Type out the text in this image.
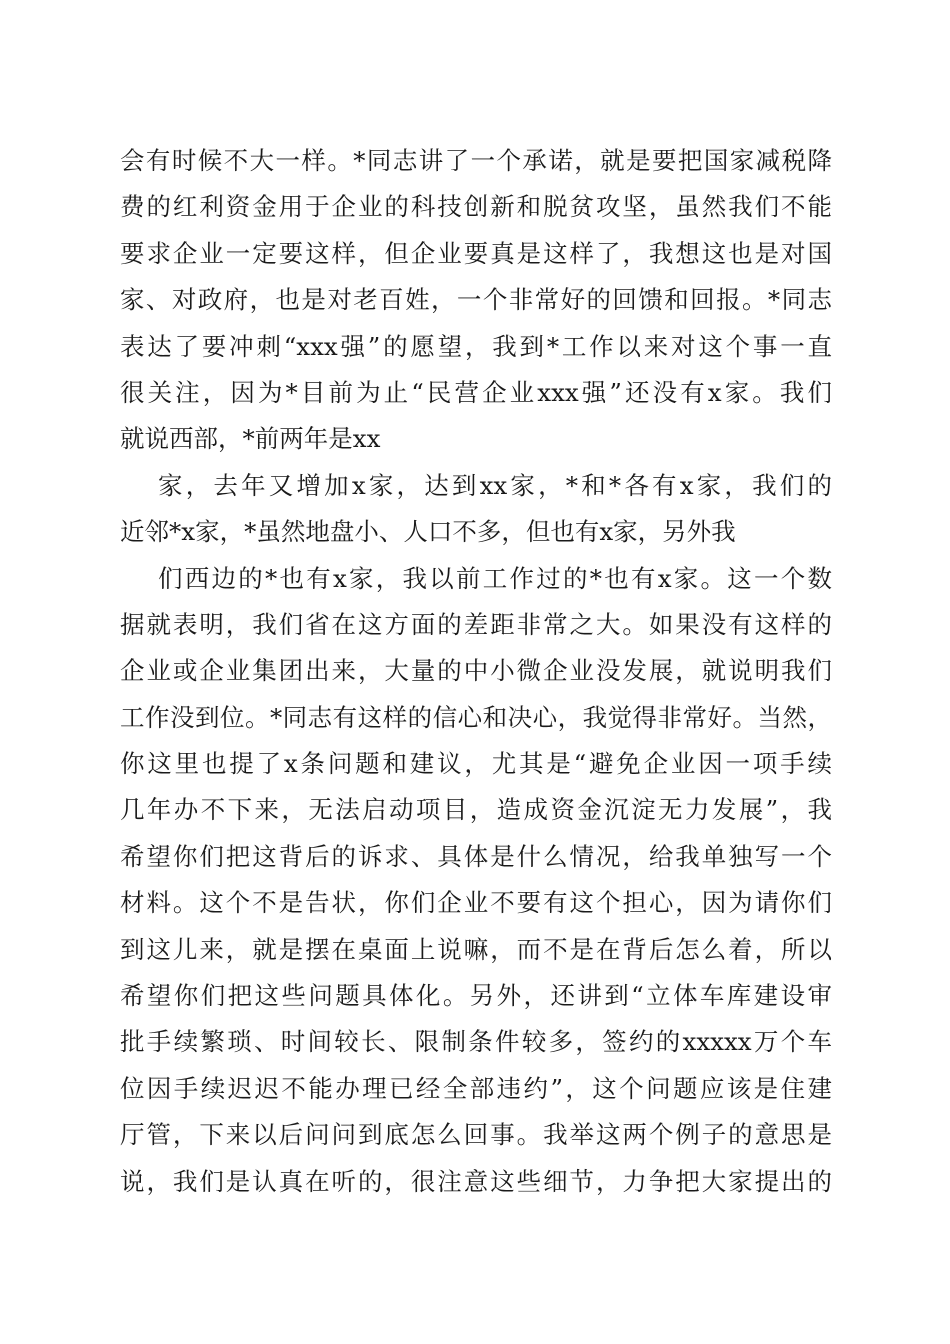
会有时候不大一样。*同志讲了一个承诺，就是要把国家减税降
费的红利资金用于企业的科技创新和脱贫攻坚，虽然我们不能
要求企业一定要这样，但企业要真是这样了，我想这也是对国
家、对政府，也是对老百姓，一个非常好的回馈和回报。*同志
表达了要冲刺“xxx强”的愿望，我到*工作以来对这个事一直
很关注，因为*目前为止“民营企业xxx强”还没有x家。我们
就说西部，*前两年是xx
家，去年又增加x家，达到xx家，*和*各有x家，我们的
近邻*x家，*虽然地盘小、人口不多，但也有x家，另外我
们西边的*也有x家，我以前工作过的*也有x家。这一个数
据就表明，我们省在这方面的差距非常之大。如果没有这样的
企业或企业集团出来，大量的中小微企业没发展，就说明我们
工作没到位。*同志有这样的信心和决心，我觉得非常好。当然，
你这里也提了x条问题和建议，尤其是“避免企业因一项手续
几年办不下来，无法启动项目，造成资金沉淀无力发展”，我
希望你们把这背后的诉求、具体是什么情况，给我单独写一个
材料。这个不是告状，你们企业不要有这个担心，因为请你们
到这儿来，就是摆在桌面上说嘛，而不是在背后怎么着，所以
希望你们把这些问题具体化。另外，还讲到“立体车库建设审
批手续繁琐、时间较长、限制条件较多，签约的xxxxx万个车
位因手续迟迟不能办理已经全部违约”，这个问题应该是住建
厅管，下来以后问问到底怎么回事。我举这两个例子的意思是
说，我们是认真在听的，很注意这些细节，力争把大家提出的
